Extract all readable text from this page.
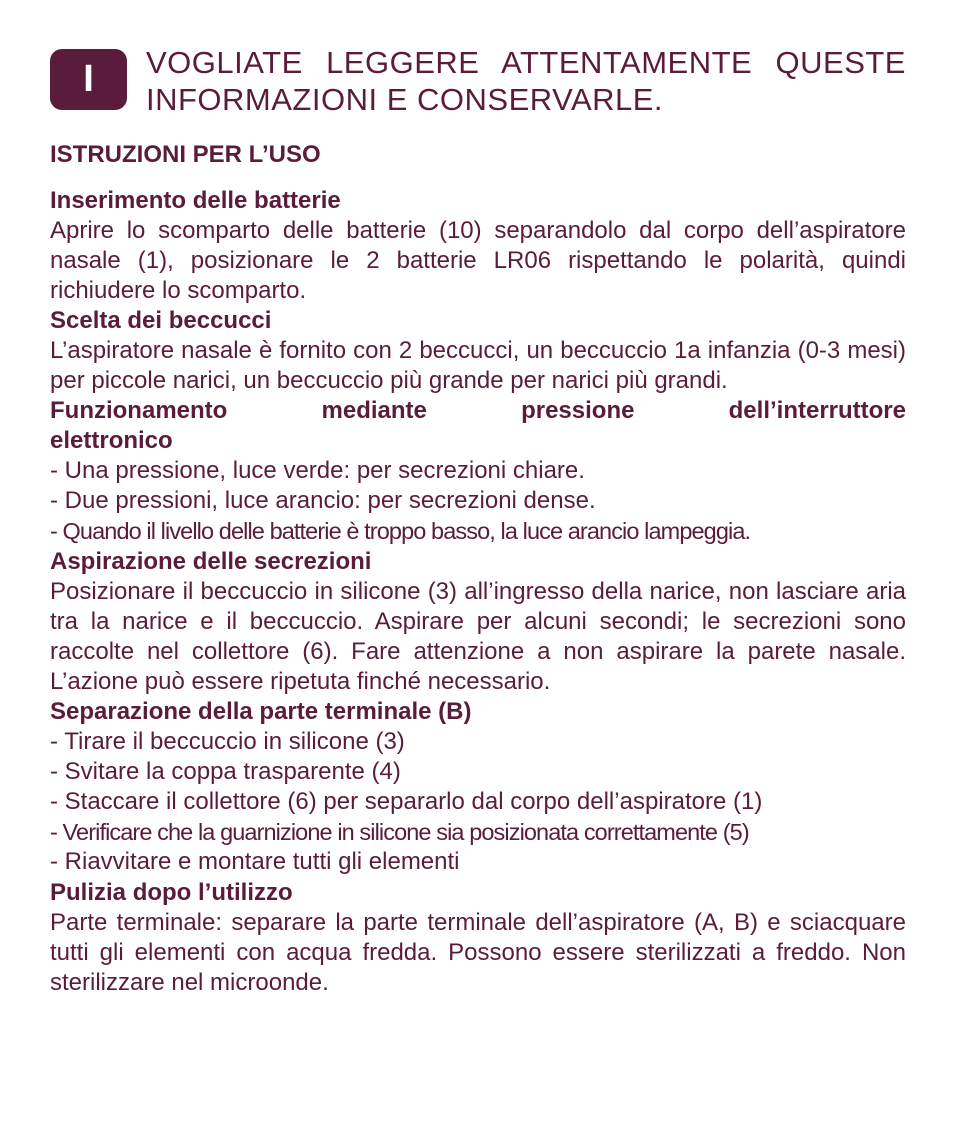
I	VOGLIATE LEGGERE ATTENTAMENTE QUESTE
INFORMAZIONI E CONSERVARLE.
ISTRUZIONI PER L’USO
Inserimento delle batterie
Aprire lo scomparto delle batterie (10) separandolo dal corpo dell’aspiratore nasale (1), posizionare le 2 batterie LR06 rispettando le polarità, quindi richiudere lo scomparto.
Scelta dei beccucci
L’aspiratore nasale è fornito con 2 beccucci, un beccuccio 1a infanzia (0-3 mesi) per piccole narici, un beccuccio più grande per narici più grandi.
Funzionamento mediante pressione dell’interruttore
elettronico
- Una pressione, luce verde: per secrezioni chiare.
- Due pressioni, luce arancio: per secrezioni dense.
- Quando il livello delle batterie è troppo basso, la luce arancio lampeggia.
Aspirazione delle secrezioni
Posizionare il beccuccio in silicone (3) all’ingresso della narice, non lasciare aria tra la narice e il beccuccio. Aspirare per alcuni secondi; le secrezioni sono raccolte nel collettore (6). Fare attenzione a non aspirare la parete nasale. L’azione può essere ripetuta finché necessario.
Separazione della parte terminale (B)
- Tirare il beccuccio in silicone (3)
- Svitare la coppa trasparente (4)
- Staccare il collettore (6) per separarlo dal corpo dell’aspiratore (1)
- Verificare che la guarnizione in silicone sia posizionata correttamente (5)
- Riavvitare e montare tutti gli elementi
Pulizia dopo l’utilizzo
Parte terminale: separare la parte terminale dell’aspiratore (A, B) e sciacquare tutti gli elementi con acqua fredda. Possono essere sterilizzati a freddo. Non sterilizzare nel microonde.
